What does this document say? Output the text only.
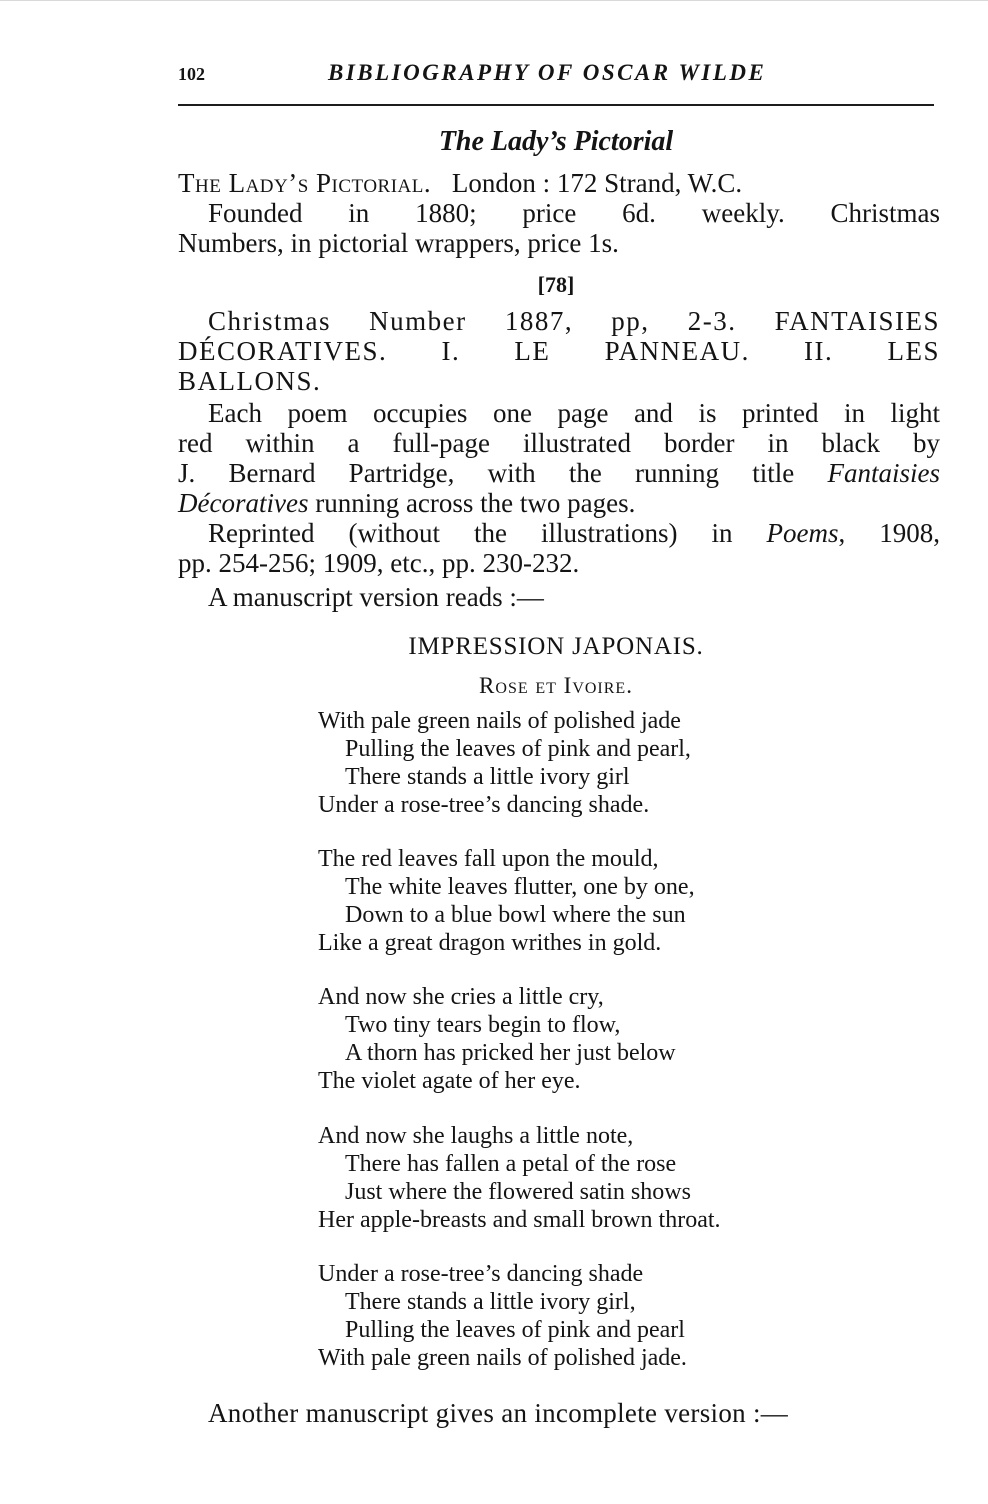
102	BIBLIOGRAPHY OF OSCAR WILDE
The Lady’s Pictorial
The Lady’s Pictorial. London : 172 Strand, W.C.
Founded in 1880; price 6d. weekly. Christmas
Numbers, in pictorial wrappers, price 1s.
[78]
Christmas Number 1887, pp, 2-3. FANTAISIES
DÉCORATIVES. I. LE PANNEAU. II. LES
BALLONS.
Each poem occupies one page and is printed in light
red within a full-page illustrated border in black by
J. Bernard Partridge, with the running title Fantaisies
Décoratives running across the two pages.
Reprinted (without the illustrations) in Poems, 1908,
pp. 254-256; 1909, etc., pp. 230-232.
A manuscript version reads :—
IMPRESSION JAPONAIS.
Rose et Ivoire.
With pale green nails of polished jade
Pulling the leaves of pink and pearl,
There stands a little ivory girl
Under a rose-tree’s dancing shade.
The red leaves fall upon the mould,
The white leaves flutter, one by one,
Down to a blue bowl where the sun
Like a great dragon writhes in gold.
And now she cries a little cry,
Two tiny tears begin to flow,
A thorn has pricked her just below
The violet agate of her eye.
And now she laughs a little note,
There has fallen a petal of the rose
Just where the flowered satin shows
Her apple-breasts and small brown throat.
Under a rose-tree’s dancing shade
There stands a little ivory girl,
Pulling the leaves of pink and pearl
With pale green nails of polished jade.
Another manuscript gives an incomplete version :—
